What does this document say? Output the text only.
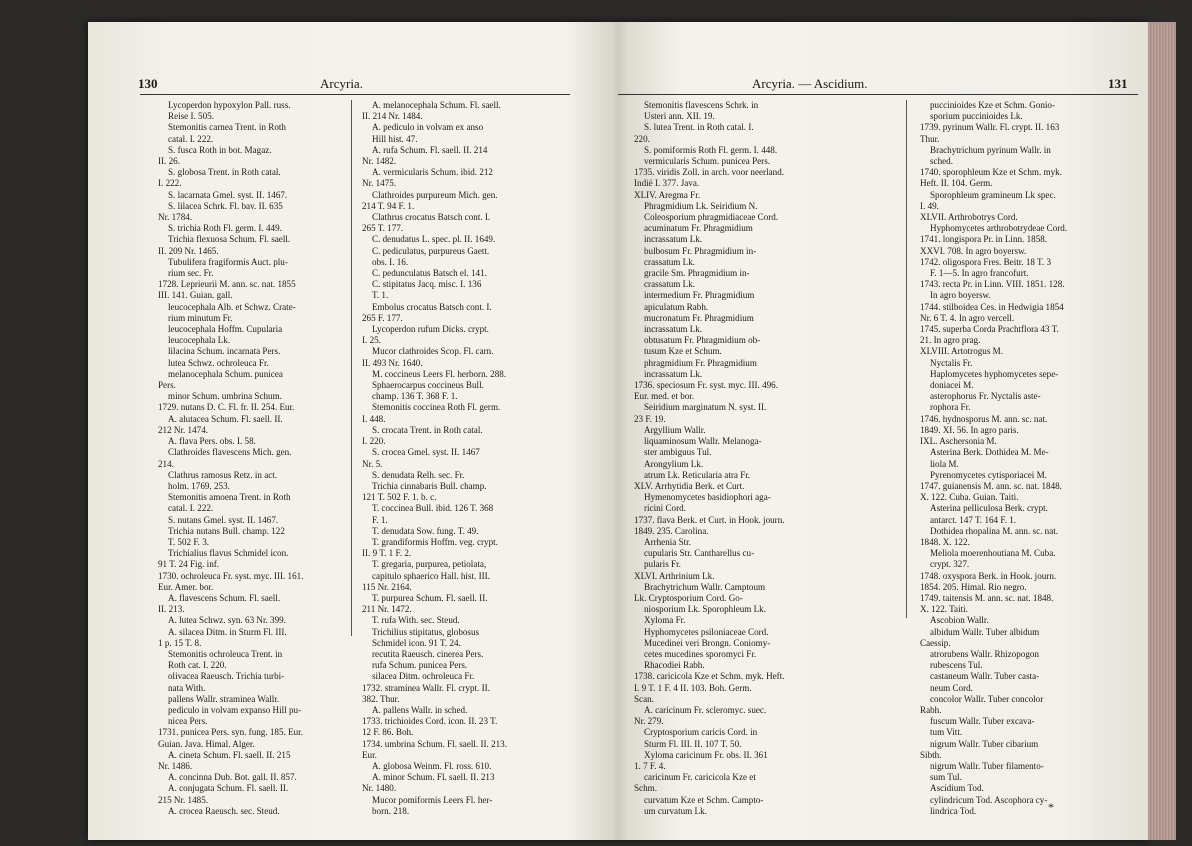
130	Arcyria.
Lycoperdon hypoxylon Pall. russ.
Reise I. 505.
Stemonitis carnea Trent. in Roth
catal. I. 222.
S. fusca Roth in bot. Magaz.
II. 26.
S. globosa Trent. in Roth catal.
I. 222.
S. lacarnata Gmel. syst. II. 1467.
S. lilacea Schrk. Fl. bav. II. 635
Nr. 1784.
S. trichia Roth Fl. germ. I. 449.
Trichia flexuosa Schum. Fl. saell.
II. 209 Nr. 1465.
Tubulifera fragiformis Auct. plu-
rium sec. Fr.
1728. Leprieurii M. ann. sc. nat. 1855
III. 141. Guian. gall.
leucocephala Alb. et Schwz. Crate-
rium minutum Fr.
leucocephala Hoffm. Cupularia
leucocephala Lk.
lilacina Schum. incarnata Pers.
lutea Schwz. ochroleuca Fr.
melanocephala Schum. punicea
Pers.
minor Schum. umbrina Schum.
1729. nutans D. C. Fl. fr. II. 254. Eur.
A. alutacea Schum. Fl. saell. II.
212 Nr. 1474.
A. flava Pers. obs. I. 58.
Clathroides flavescens Mich. gen.
214.
Clathrus ramosus Retz. in act.
holm. 1769. 253.
Stemonitis amoena Trent. in Roth
catal. I. 222.
S. nutans Gmel. syst. II. 1467.
Trichia nutans Bull. champ. 122
T. 502 F. 3.
Trichialius flavus Schmidel icon.
91 T. 24 Fig. inf.
1730. ochroleuca Fr. syst. myc. III. 161.
Eur. Amer. bor.
A. flavescens Schum. Fl. saell.
II. 213.
A. lutea Schwz. syn. 63 Nr. 399.
A. silacea Ditm. in Sturm Fl. III.
1 p. 15 T. 8.
Stemonitis ochroleuca Trent. in
Roth cat. I. 220.
olivacea Raeusch. Trichia turbi-
nata With.
pallens Wallr. straminea Wallr.
pediculo in volvam expanso Hill pu-
nicea Pers.
1731. punicea Pers. syn. fung. 185. Eur.
Guian. Java. Himal. Alger.
A. cineta Schum. Fl. saell. II. 215
Nr. 1486.
A. concinna Dub. Bot. gall. II. 857.
A. conjugata Schum. Fl. saell. II.
215 Nr. 1485.
A. crocea Raeusch. sec. Steud.
A. melanocephala Schum. Fl. saell.
II. 214 Nr. 1484.
A. pediculo in volvam ex anso
Hill hist. 47.
A. rufa Schum. Fl. saell. II. 214
Nr. 1482.
A. vermicularis Schum. ibid. 212
Nr. 1475.
Clathroides purpureum Mich. gen.
214 T. 94 F. 1.
Clathrus crocatus Batsch cont. I.
265 T. 177.
C. denudatus L. spec. pl. II. 1649.
C. pediculatus, purpureus Gaett.
obs. I. 16.
C. pedunculatus Batsch el. 141.
C. stipitatus Jacq. misc. I. 136
T. 1.
Embolus crocatus Batsch cont. I.
265 F. 177.
Lycoperdon rufum Dicks. crypt.
I. 25.
Mucor clathroides Scop. Fl. carn.
II. 493 Nr. 1640.
M. coccineus Leers Fl. herborn. 288.
Sphaerocarpus coccineus Bull.
champ. 136 T. 368 F. 1.
Stemonitis coccinea Roth Fl. germ.
I. 448.
S. crocata Trent. in Roth catal.
I. 220.
S. crocea Gmel. syst. II. 1467
Nr. 5.
S. denudata Relh. sec. Fr.
Trichia cinnabaris Bull. champ.
121 T. 502 F. 1. b. c.
T. coccinea Bull. ibid. 126 T. 368
F. 1.
T. denudata Sow. fung. T. 49.
T. grandiformis Hoffm. veg. crypt.
II. 9 T. 1 F. 2.
T. gregaria, purpurea, petiolata,
capitulo sphaerico Hall. hist. III.
115 Nr. 2164.
T. purpurea Schum. Fl. saell. II.
211 Nr. 1472.
T. rufa With. sec. Steud.
Trichilius stipitatus, globosus
Schmidel icon. 91 T. 24.
recutita Raeusch. cinerea Pers.
rufa Schum. punicea Pers.
silacea Ditm. ochroleuca Fr.
1732. straminea Wallr. Fl. crypt. II.
382. Thur.
A. pallens Wallr. in sched.
1733. trichioides Cord. icon. II. 23 T.
12 F. 86. Boh.
1734. umbrina Schum. Fl. saell. II. 213.
Eur.
A. globosa Weinm. Fl. ross. 610.
A. minor Schum. Fl. saell. II. 213
Nr. 1480.
Mucor pomiformis Leers Fl. her-
born. 218.
Arcyria. — Ascidium.	131
Stemonitis flavescens Schrk. in
Usteri ann. XII. 19.
S. lutea Trent. in Roth catal. I.
220.
S. pomiformis Roth Fl. germ. I. 448.
vermicularis Schum. punicea Pers.
1735. viridis Zoll. in arch. voor neerland.
Indië I. 377. Java.
XLIV. Aregma Fr.
Phragmidium Lk. Seiridium N.
Coleosporium phragmidiaceae Cord.
acuminatum Fr. Phragmidium
incrassatum Lk.
bulbosum Fr. Phragmidium in-
crassatum Lk.
gracile Sm. Phragmidium in-
crassatum Lk.
intermedium Fr. Phragmidium
apiculatum Rabh.
mucronatum Fr. Phragmidium
incrassatum Lk.
obtusatum Fr. Phragmidium ob-
tusum Kze et Schum.
phragmidium Fr. Phragmidium
incrassatum Lk.
1736. speciosum Fr. syst. myc. III. 496.
Eur. med. et bor.
Seiridium marginatum N. syst. II.
23 F. 19.
Argyllium Wallr.
liquaminosum Wallr. Melanoga-
ster ambiguus Tul.
Arongylium Lk.
atrum Lk. Reticularia atra Fr.
XLV. Arrhytidia Berk. et Curt.
Hymenomycetes basidiophori aga-
ricini Cord.
1737. flava Berk. et Curt. in Hook. journ.
1849. 235. Carolina.
Arrhenia Str.
cupularis Str. Cantharellus cu-
pularis Fr.
XLVI. Arthrinium Lk.
Brachytrichum Wallr. Camptoum
Lk. Cryptosporium Cord. Go-
niosporium Lk. Sporophleum Lk.
Xyloma Fr.
Hyphomycetes psiloniaceae Cord.
Mucedinei veri Brongn. Coniomy-
cetes mucedines sporomyci Fr.
Rhacodiei Rabh.
1738. caricicola Kze et Schm. myk. Heft.
I. 9 T. 1 F. 4 II. 103. Boh. Germ.
Scan.
A. caricinum Fr. scleromyc. suec.
Nr. 279.
Cryptosporium caricis Cord. in
Sturm Fl. III. II. 107 T. 50.
Xyloma caricinum Fr. obs. II. 361
1. 7 F. 4.
caricinum Fr. caricicola Kze et
Schm.
curvatum Kze et Schm. Campto-
um curvatum Lk.
puccinioides Kze et Schm. Gonio-
sporium puccinioides Lk.
1739. pyrinum Wallr. Fl. crypt. II. 163
Thur.
Brachytrichum pyrinum Wallr. in
sched.
1740. sporophleum Kze et Schm. myk.
Heft. II. 104. Germ.
Sporophleum gramineum Lk spec.
I. 49.
XLVII. Arthrobotrys Cord.
Hyphomycetes arthrobotrydeae Cord.
1741. longispora Pr. in Linn. 1858.
XXVI. 708. In agro boyersw.
1742. oligospora Fres. Beitr. 18 T. 3
F. 1—5. In agro francofurt.
1743. recta Pr. in Linn. VIII. 1851. 128.
In agro boyersw.
1744. stilboidea Ces. in Hedwigia 1854
Nr. 6 T. 4. In agro vercell.
1745. superba Corda Prachtflora 43 T.
21. In agro prag.
XLVIII. Artotrogus M.
Nyctalis Fr.
Haplomycetes hyphomycetes sepe-
doniacei M.
asterophorus Fr. Nyctalis aste-
rophora Fr.
1746. hydnosporus M. ann. sc. nat.
1849. XI. 56. In agro paris.
IXL. Aschersonia M.
Asterina Berk. Dothidea M. Me-
liola M.
Pyrenomycetes cytisporiacei M.
1747. guianensis M. ann. sc. nat. 1848.
X. 122. Cuba. Guian. Taiti.
Asterina pelliculosa Berk. crypt.
antarct. 147 T. 164 F. 1.
Dothidea rhopalina M. ann. sc. nat.
1848. X. 122.
Meliola moerenhoutiana M. Cuba.
crypt. 327.
1748. oxyspora Berk. in Hook. journ.
1854. 205. Himal. Rio negro.
1749. taitensis M. ann. sc. nat. 1848.
X. 122. Taiti.
Ascobion Wallr.
albidum Wallr. Tuber albidum
Caessip.
atrorubens Wallr. Rhizopogon
rubescens Tul.
castaneum Wallr. Tuber casta-
neum Cord.
concolor Wallr. Tuber concolor
Rabh.
fuscum Wallr. Tuber excava-
tum Vitt.
nigrum Wallr. Tuber cibarium
Sibth.
nigrum Wallr. Tuber filamento-
sum Tul.
Ascidium Tod.
cylindricum Tod. Ascophora cy-
lindrica Tod.	*
